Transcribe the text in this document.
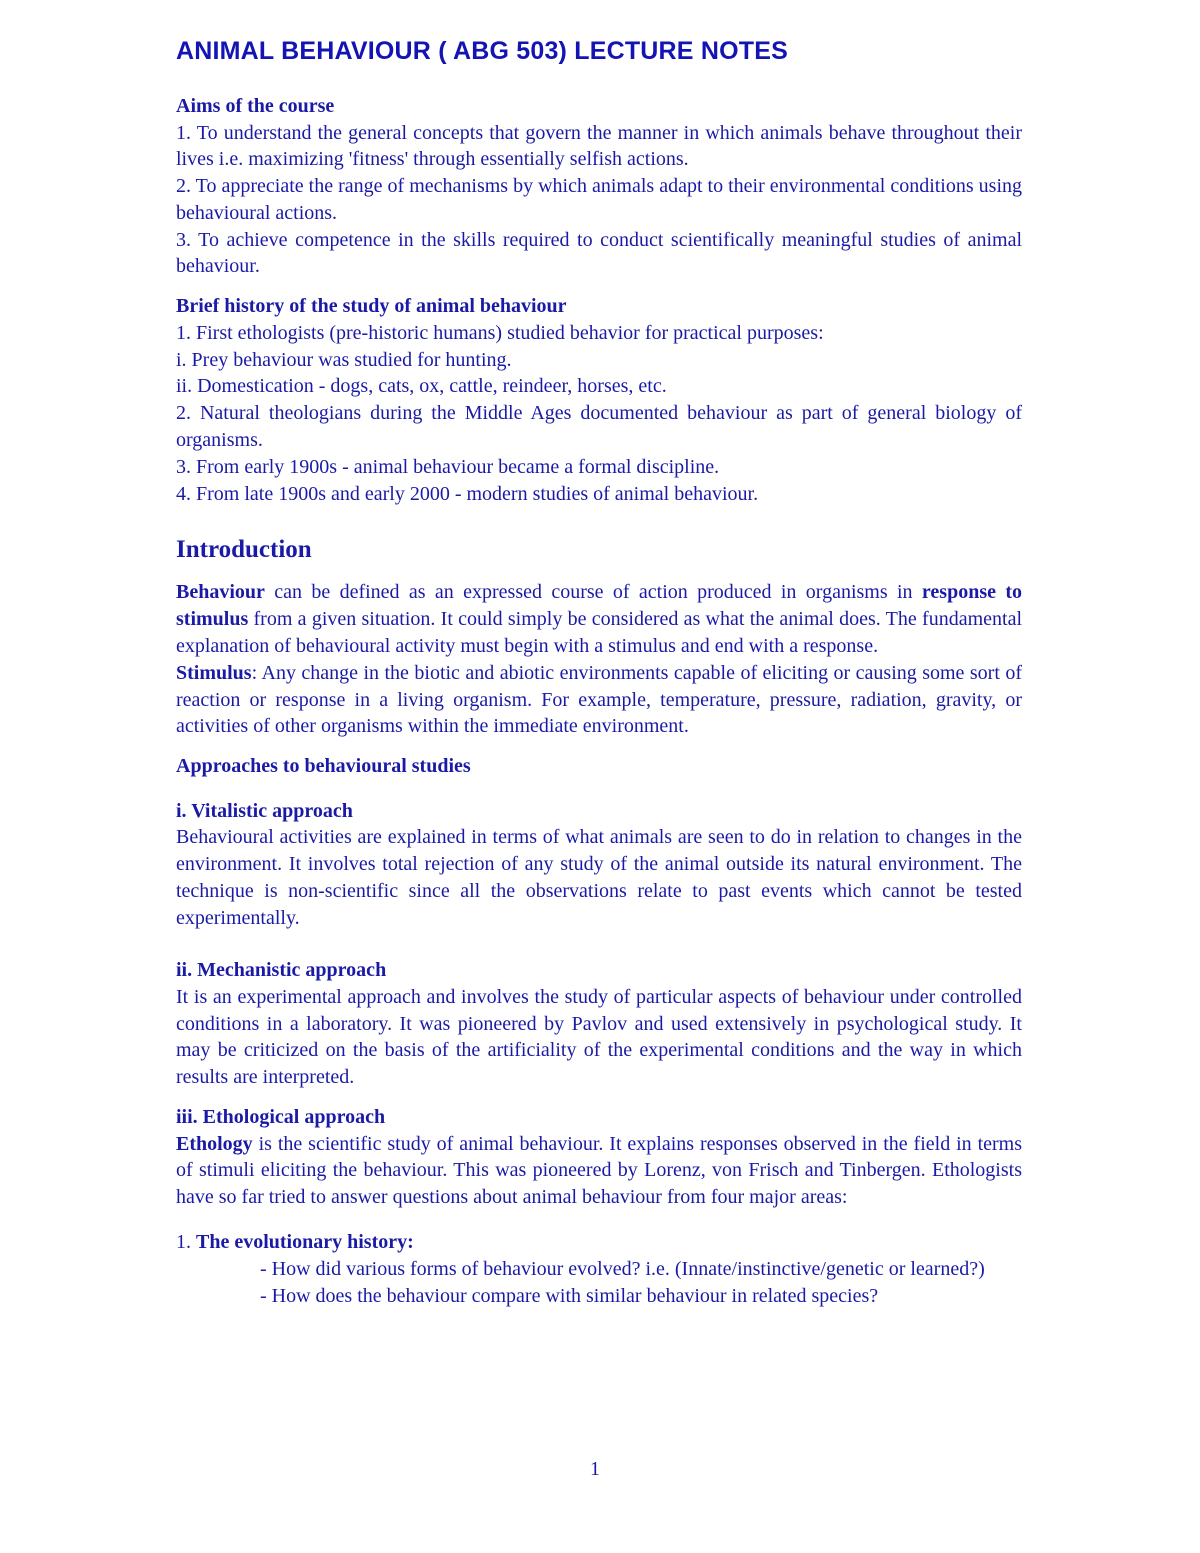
ANIMAL BEHAVIOUR ( ABG 503) LECTURE NOTES

Aims of the course

1. To understand the general concepts that govern the manner in which animals behave throughout their lives i.e. maximizing 'fitness' through essentially selfish actions.

2. To appreciate the range of mechanisms by which animals adapt to their environmental conditions using behavioural actions.

3. To achieve competence in the skills required to conduct scientifically meaningful studies of animal behaviour.

Brief history of the study of animal behaviour

1. First ethologists (pre-historic humans) studied behavior for practical purposes:

i. Prey behaviour was studied for hunting.

ii. Domestication - dogs, cats, ox, cattle, reindeer, horses, etc.

2. Natural theologians during the Middle Ages documented behaviour as part of general biology of organisms.

3. From early 1900s - animal behaviour became a formal discipline.

4. From late 1900s and early 2000 - modern studies of animal behaviour.

Introduction

Behaviour can be defined as an expressed course of action produced in organisms in response to stimulus from a given situation. It could simply be considered as what the animal does. The fundamental explanation of behavioural activity must begin with a stimulus and end with a response.

Stimulus: Any change in the biotic and abiotic environments capable of eliciting or causing some sort of reaction or response in a living organism. For example, temperature, pressure, radiation, gravity, or activities of other organisms within the immediate environment.

Approaches to behavioural studies

i. Vitalistic approach

Behavioural activities are explained in terms of what animals are seen to do in relation to changes in the environment. It involves total rejection of any study of the animal outside its natural environment. The technique is non-scientific since all the observations relate to past events which cannot be tested experimentally.

ii. Mechanistic approach

It is an experimental approach and involves the study of particular aspects of behaviour under controlled conditions in a laboratory. It was pioneered by Pavlov and used extensively in psychological study. It may be criticized on the basis of the artificiality of the experimental conditions and the way in which results are interpreted.

iii. Ethological approach

Ethology is the scientific study of animal behaviour. It explains responses observed in the field in terms of stimuli eliciting the behaviour. This was pioneered by Lorenz, von Frisch and Tinbergen. Ethologists have so far tried to answer questions about animal behaviour from four major areas:

1. The evolutionary history:

- How did various forms of behaviour evolved? i.e. (Innate/instinctive/genetic or learned?)

- How does the behaviour compare with similar behaviour in related species?

1
